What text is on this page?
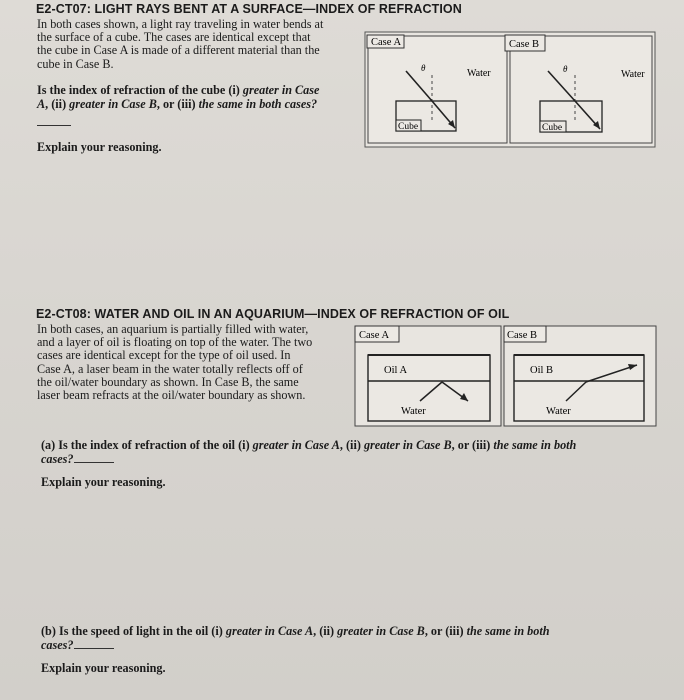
E2-CT07: LIGHT RAYS BENT AT A SURFACE—INDEX OF REFRACTION
In both cases shown, a light ray traveling in water bends at
the surface of a cube. The cases are identical except that
the cube in Case A is made of a different material than the
cube in Case B.
Is the index of refraction of the cube (i) greater in Case
A, (ii) greater in Case B, or (iii) the same in both cases?
Explain your reasoning.
Case A
Water
Cube
θ
Case B
Water
Cube
θ
E2-CT08: WATER AND OIL IN AN AQUARIUM—INDEX OF REFRACTION OF OIL
In both cases, an aquarium is partially filled with water,
and a layer of oil is floating on top of the water. The two
cases are identical except for the type of oil used. In
Case A, a laser beam in the water totally reflects off of
the oil/water boundary as shown. In Case B, the same
laser beam refracts at the oil/water boundary as shown.
Case A
Oil A
Water
Case B
Oil B
Water
(a) Is the index of refraction of the oil (i) greater in Case A, (ii) greater in Case B, or (iii) the same in both
cases?
Explain your reasoning.
(b) Is the speed of light in the oil (i) greater in Case A, (ii) greater in Case B, or (iii) the same in both
cases?
Explain your reasoning.
